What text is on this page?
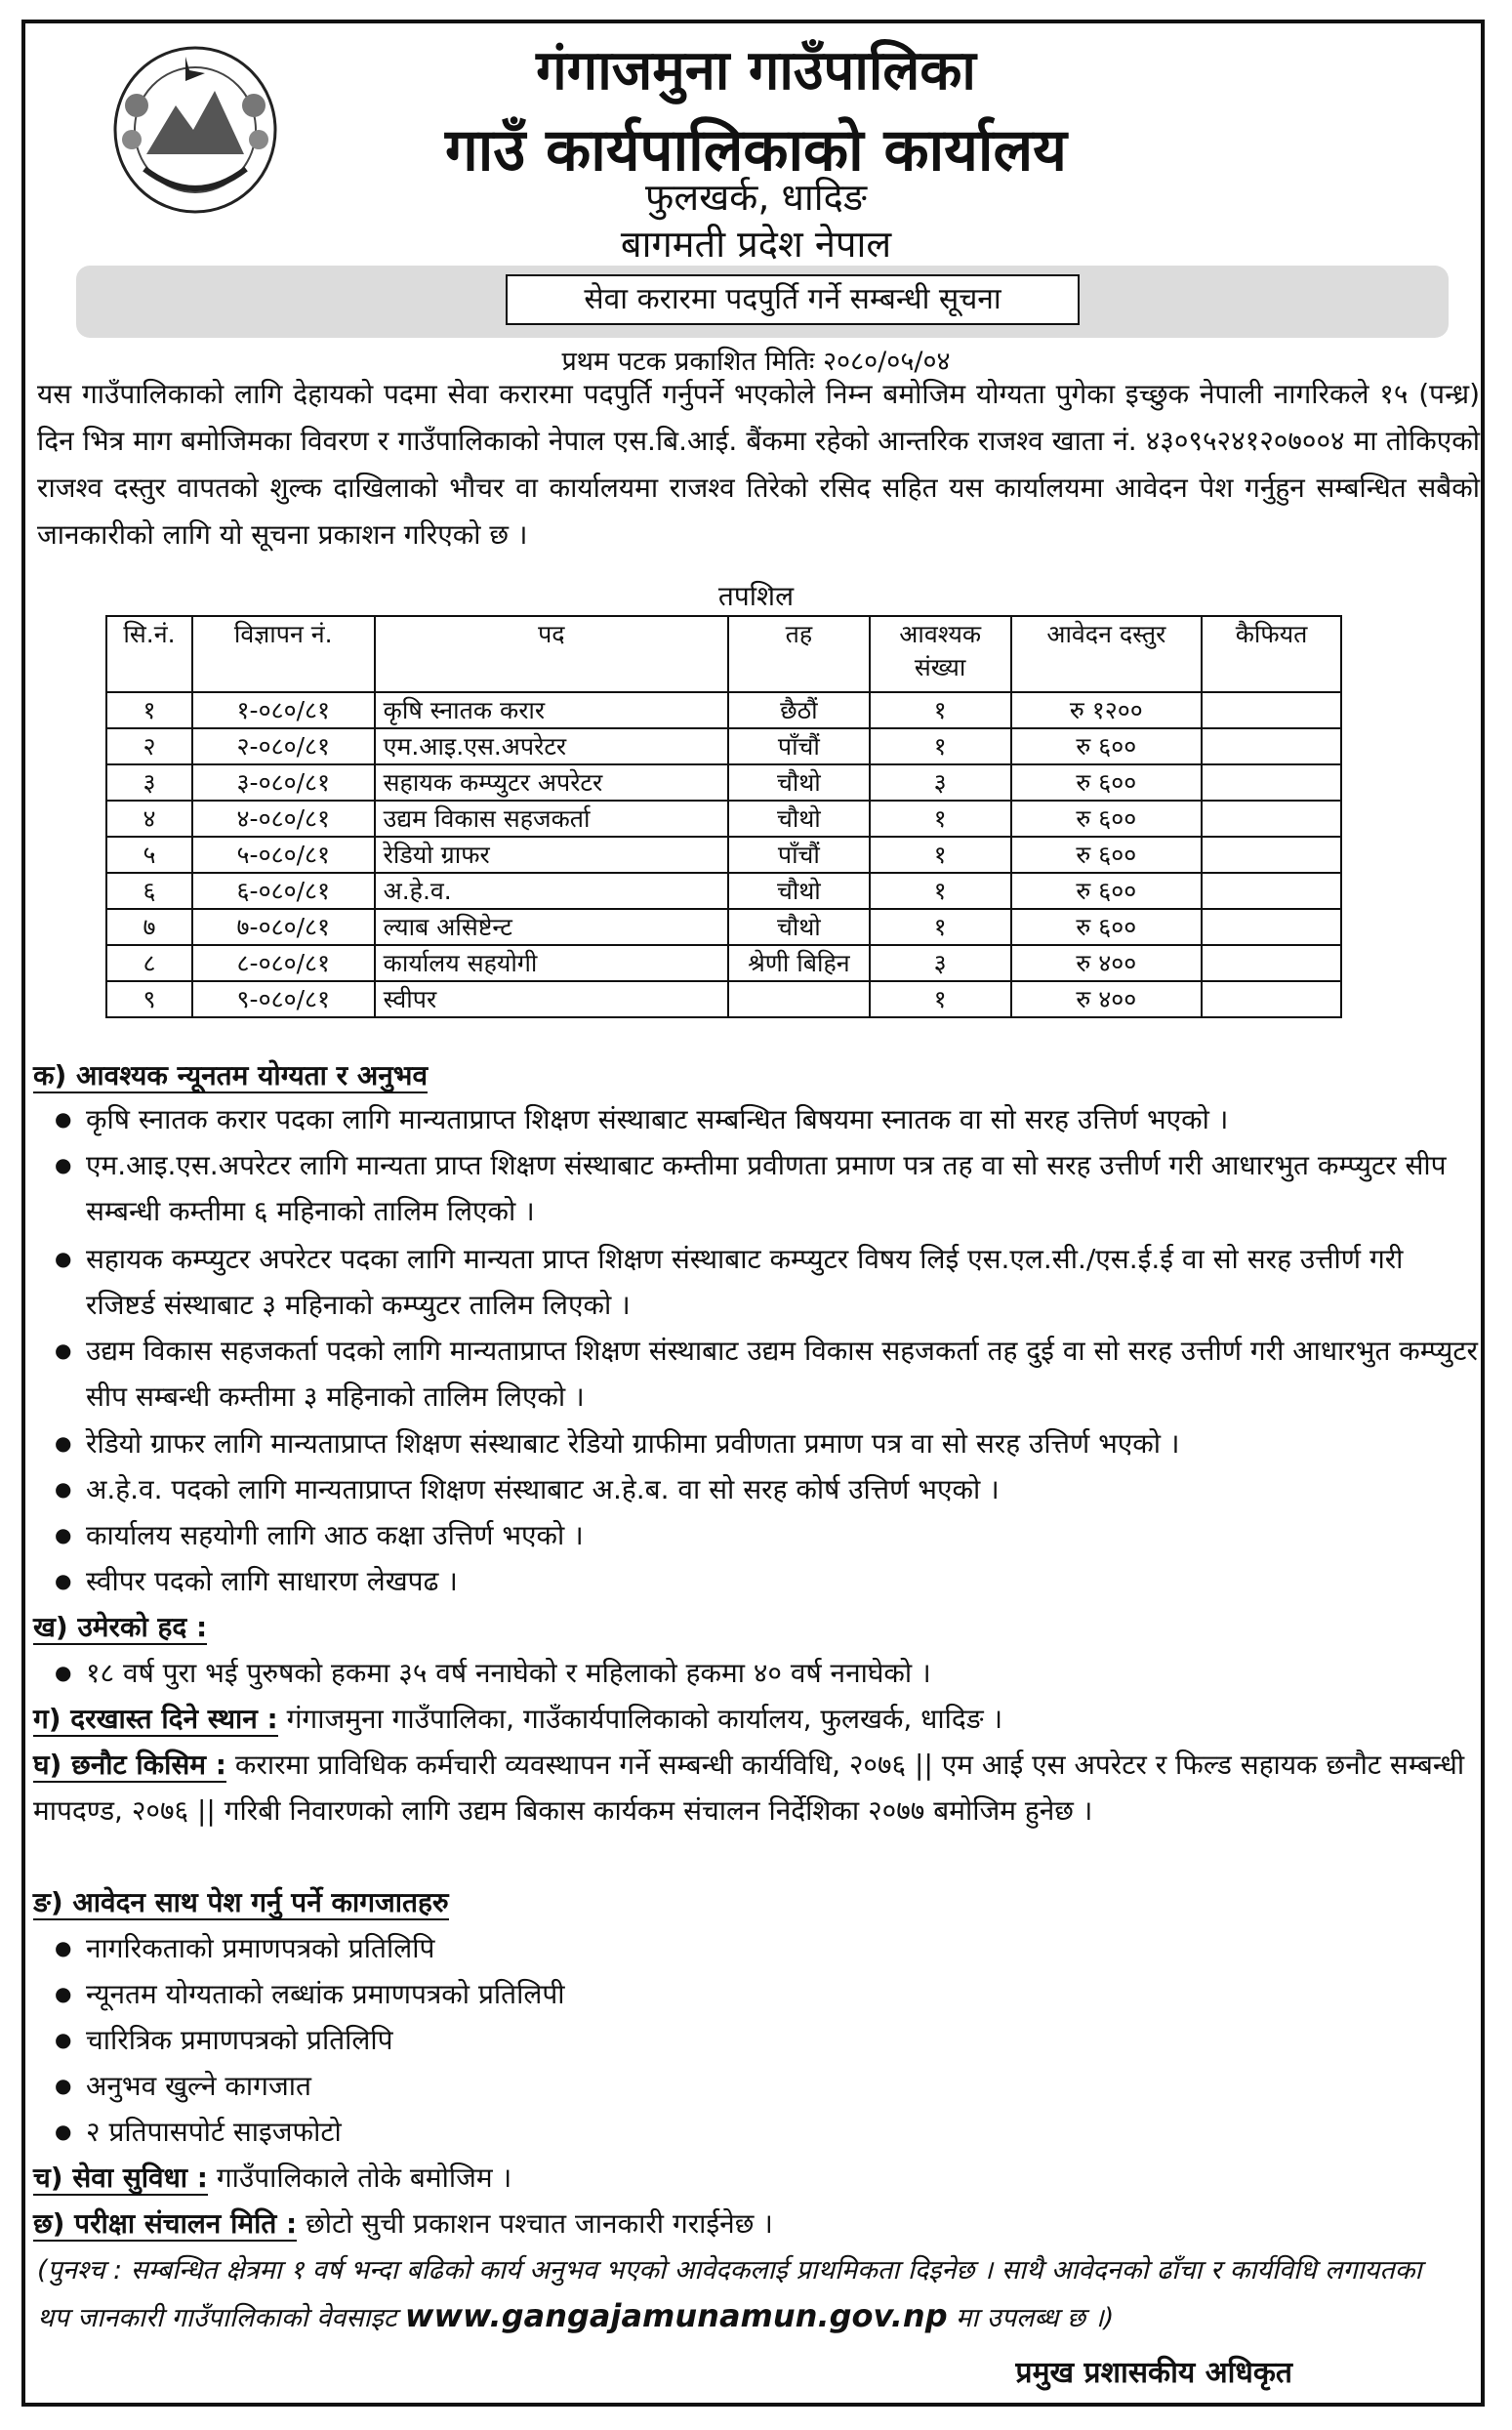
गंगाजमुना गाउँपालिका
गाउँ कार्यपालिकाको कार्यालय
फुलखर्क, धादिङ
बागमती प्रदेश नेपाल
सेवा करारमा पदपुर्ति गर्ने सम्बन्धी सूचना
प्रथम पटक प्रकाशित मितिः २०८०/०५/०४
यस गाउँपालिकाको लागि देहायको पदमा सेवा करारमा पदपुर्ति गर्नुपर्ने भएकोले निम्न बमोजिम योग्यता पुगेका इच्छुक नेपाली नागरिकले १५ (पन्ध्र) दिन भित्र माग बमोजिमका विवरण र गाउँपालिकाको नेपाल एस.बि.आई. बैंकमा रहेको आन्तरिक राजश्व खाता नं. ४३०९५२४१२०७००४ मा तोकिएको राजश्व दस्तुर वापतको शुल्क दाखिलाको भौचर वा कार्यालयमा राजश्व तिरेको रसिद सहित यस कार्यालयमा आवेदन पेश गर्नुहुन सम्बन्धित सबैको जानकारीको लागि यो सूचना प्रकाशन गरिएको छ ।
तपशिल
सि.नं.	विज्ञापन नं.	पद	तह	आवश्यक संख्या	आवेदन दस्तुर	कैफियत
१	१-०८०/८१	कृषि स्नातक करार	छैठौं	१	रु १२००	
२	२-०८०/८१	एम.आइ.एस.अपरेटर	पाँचौं	१	रु ६००	
३	३-०८०/८१	सहायक कम्प्युटर अपरेटर	चौथो	३	रु ६००	
४	४-०८०/८१	उद्यम विकास सहजकर्ता	चौथो	१	रु ६००	
५	५-०८०/८१	रेडियो ग्राफर	पाँचौं	१	रु ६००	
६	६-०८०/८१	अ.हे.व.	चौथो	१	रु ६००	
७	७-०८०/८१	ल्याब असिष्टेन्ट	चौथो	१	रु ६००	
८	८-०८०/८१	कार्यालय सहयोगी	श्रेणी बिहिन	३	रु ४००	
९	९-०८०/८१	स्वीपर		१	रु ४००	
क) आवश्यक न्यूनतम योग्यता र अनुभव
● कृषि स्नातक करार पदका लागि मान्यताप्राप्त शिक्षण संस्थाबाट सम्बन्धित बिषयमा स्नातक वा सो सरह उत्तिर्ण भएको ।
● एम.आइ.एस.अपरेटर लागि मान्यता प्राप्त शिक्षण संस्थाबाट कम्तीमा प्रवीणता प्रमाण पत्र तह वा सो सरह उत्तीर्ण गरी आधारभुत कम्प्युटर सीप सम्बन्धी कम्तीमा ६ महिनाको तालिम लिएको ।
● सहायक कम्प्युटर अपरेटर पदका लागि मान्यता प्राप्त शिक्षण संस्थाबाट कम्प्युटर विषय लिई एस.एल.सी./एस.ई.ई वा सो सरह उत्तीर्ण गरी रजिष्टर्ड संस्थाबाट ३ महिनाको कम्प्युटर तालिम लिएको ।
● उद्यम विकास सहजकर्ता पदको लागि मान्यताप्राप्त शिक्षण संस्थाबाट उद्यम विकास सहजकर्ता तह दुई वा सो सरह उत्तीर्ण गरी आधारभुत कम्प्युटर सीप सम्बन्धी कम्तीमा ३ महिनाको तालिम लिएको ।
● रेडियो ग्राफर लागि मान्यताप्राप्त शिक्षण संस्थाबाट रेडियो ग्राफीमा प्रवीणता प्रमाण पत्र वा सो सरह उत्तिर्ण भएको ।
● अ.हे.व. पदको लागि मान्यताप्राप्त शिक्षण संस्थाबाट अ.हे.ब. वा सो सरह कोर्ष उत्तिर्ण भएको ।
● कार्यालय सहयोगी लागि आठ कक्षा उत्तिर्ण भएको ।
● स्वीपर पदको लागि साधारण लेखपढ ।
ख) उमेरको हद :
● १८ वर्ष पुरा भई पुरुषको हकमा ३५ वर्ष ननाघेको र महिलाको हकमा ४० वर्ष ननाघेको ।
ग) दरखास्त दिने स्थान : गंगाजमुना गाउँपालिका, गाउँकार्यपालिकाको कार्यालय, फुलखर्क, धादिङ ।
घ) छनौट किसिम : करारमा प्राविधिक कर्मचारी व्यवस्थापन गर्ने सम्बन्धी कार्यविधि, २०७६ || एम आई एस अपरेटर र फिल्ड सहायक छनौट सम्बन्धी मापदण्ड, २०७६ || गरिबी निवारणको लागि उद्यम बिकास कार्यकम संचालन निर्देशिका २०७७ बमोजिम हुनेछ ।
ङ) आवेदन साथ पेश गर्नु पर्ने कागजातहरु
● नागरिकताको प्रमाणपत्रको प्रतिलिपि
● न्यूनतम योग्यताको लब्धांक प्रमाणपत्रको प्रतिलिपी
● चारित्रिक प्रमाणपत्रको प्रतिलिपि
● अनुभव खुल्ने कागजात
● २ प्रतिपासपोर्ट साइजफोटो
च) सेवा सुविधा : गाउँपालिकाले तोके बमोजिम ।
छ) परीक्षा संचालन मिति : छोटो सुची प्रकाशन पश्चात जानकारी गराईनेछ ।
(पुनश्च : सम्बन्धित क्षेत्रमा १ वर्ष भन्दा बढिको कार्य अनुभव भएको आवेदकलाई प्राथमिकता दिइनेछ । साथै आवेदनको ढाँचा र कार्यविधि लगायतका थप जानकारी गाउँपालिकाको वेवसाइट www.gangajamunamun.gov.np मा उपलब्ध छ ।)
प्रमुख प्रशासकीय अधिकृत
